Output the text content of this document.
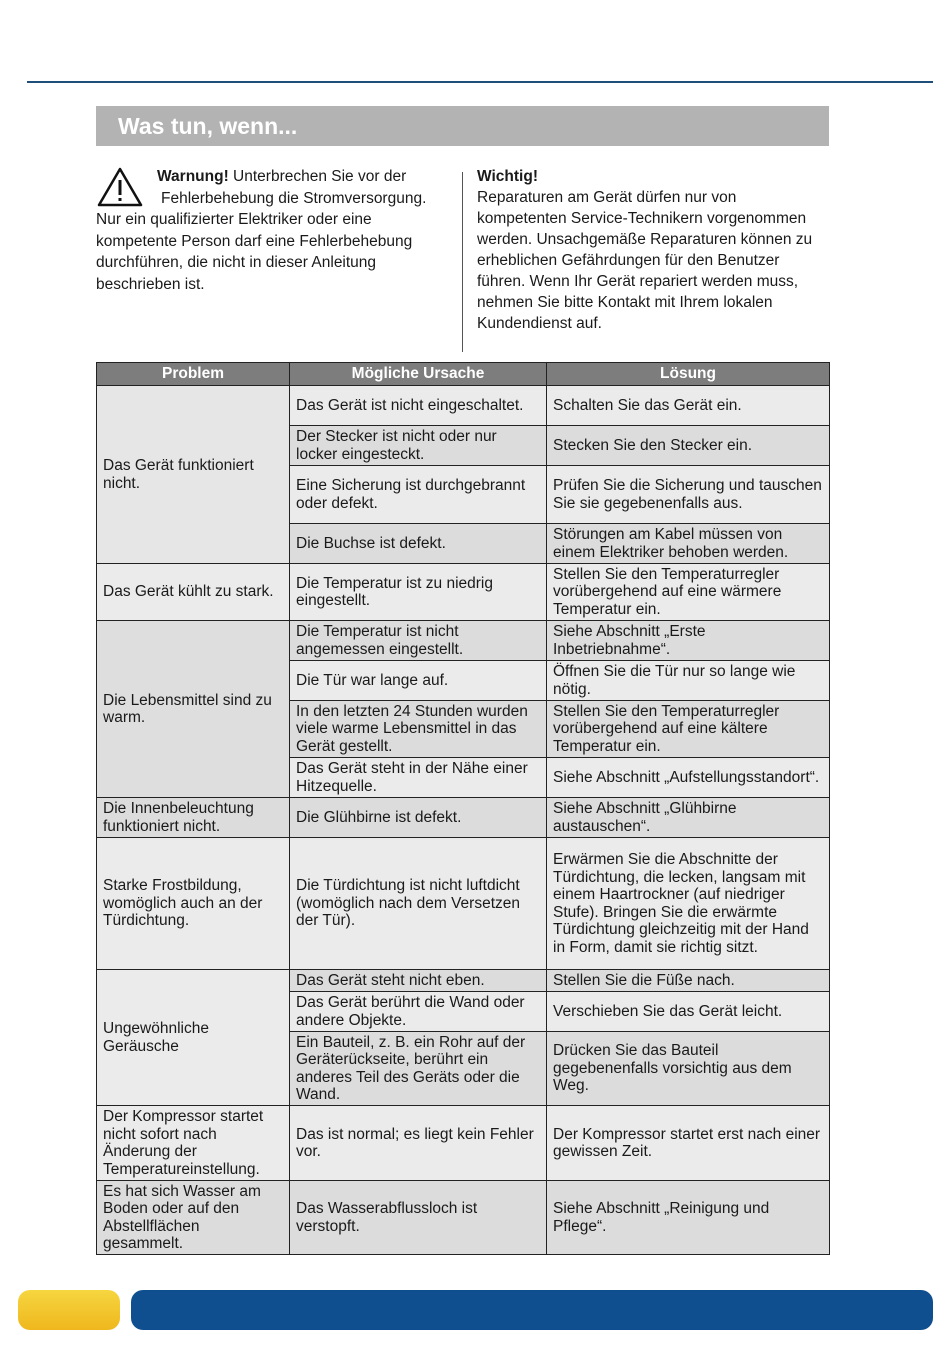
Was tun, wenn...
Warnung! Unterbrechen Sie vor der
Fehlerbehebung die Stromversorgung.
Nur ein qualifizierter Elektriker oder eine kompetente Person darf eine Fehlerbehebung durchführen, die nicht in dieser Anleitung beschrieben ist.
Wichtig!
Reparaturen am Gerät dürfen nur von kompetenten Service-Technikern vorgenommen werden. Unsachgemäße Reparaturen können zu erheblichen Gefährdungen für den Benutzer führen. Wenn Ihr Gerät repariert werden muss, nehmen Sie bitte Kontakt mit Ihrem lokalen Kundendienst auf.
Problem	Mögliche Ursache	Lösung
Das Gerät funktioniert nicht.	Das Gerät ist nicht eingeschaltet.	Schalten Sie das Gerät ein.
	Der Stecker ist nicht oder nur locker eingesteckt.	Stecken Sie den Stecker ein.
	Eine Sicherung ist durchgebrannt oder defekt.	Prüfen Sie die Sicherung und tauschen Sie sie gegebenenfalls aus.
	Die Buchse ist defekt.	Störungen am Kabel müssen von einem Elektriker behoben werden.
Das Gerät kühlt zu stark.	Die Temperatur ist zu niedrig eingestellt.	Stellen Sie den Temperaturregler vorübergehend auf eine wärmere Temperatur ein.
Die Lebensmittel sind zu warm.	Die Temperatur ist nicht angemessen eingestellt.	Siehe Abschnitt „Erste Inbetriebnahme“.
	Die Tür war lange auf.	Öffnen Sie die Tür nur so lange wie nötig.
	In den letzten 24 Stunden wurden viele warme Lebensmittel in das Gerät gestellt.	Stellen Sie den Temperaturregler vorübergehend auf eine kältere Temperatur ein.
	Das Gerät steht in der Nähe einer Hitzequelle.	Siehe Abschnitt „Aufstellungsstandort“.
Die Innenbeleuchtung funktioniert nicht.	Die Glühbirne ist defekt.	Siehe Abschnitt „Glühbirne austauschen“.
Starke Frostbildung, womöglich auch an der Türdichtung.	Die Türdichtung ist nicht luftdicht (womöglich nach dem Versetzen der Tür).	Erwärmen Sie die Abschnitte der Türdichtung, die lecken, langsam mit einem Haartrockner (auf niedriger Stufe). Bringen Sie die erwärmte Türdichtung gleichzeitig mit der Hand in Form, damit sie richtig sitzt.
Ungewöhnliche Geräusche	Das Gerät steht nicht eben.	Stellen Sie die Füße nach.
	Das Gerät berührt die Wand oder andere Objekte.	Verschieben Sie das Gerät leicht.
	Ein Bauteil, z. B. ein Rohr auf der Geräterückseite, berührt ein anderes Teil des Geräts oder die Wand.	Drücken Sie das Bauteil gegebenenfalls vorsichtig aus dem Weg.
Der Kompressor startet nicht sofort nach Änderung der Temperatureinstellung.	Das ist normal; es liegt kein Fehler vor.	Der Kompressor startet erst nach einer gewissen Zeit.
Es hat sich Wasser am Boden oder auf den Abstellflächen gesammelt.	Das Wasserabflussloch ist verstopft.	Siehe Abschnitt „Reinigung und Pflege“.
